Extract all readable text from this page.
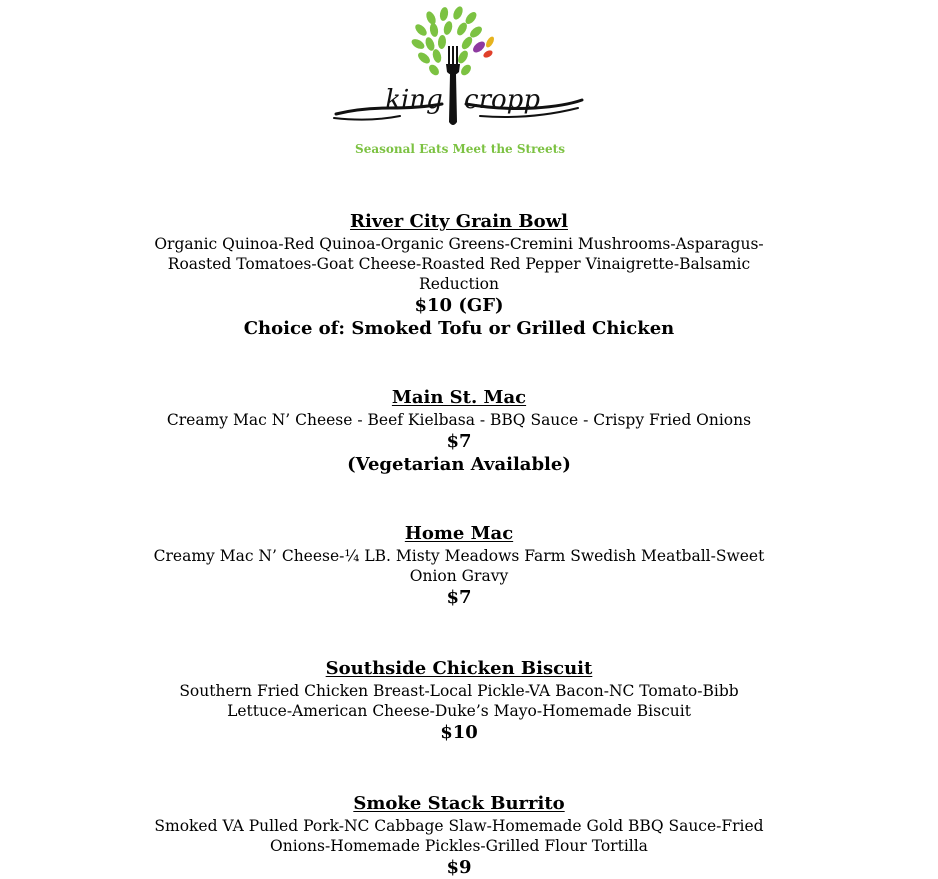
king cropp
Seasonal Eats Meet the Streets
River City Grain Bowl
Organic Quinoa-Red Quinoa-Organic Greens-Cremini Mushrooms-Asparagus-Roasted Tomatoes-Goat Cheese-Roasted Red Pepper Vinaigrette-Balsamic Reduction
$10 (GF)
Choice of: Smoked Tofu or Grilled Chicken
Main St. Mac
Creamy Mac N’ Cheese - Beef Kielbasa - BBQ Sauce - Crispy Fried Onions
$7
(Vegetarian Available)
Home Mac
Creamy Mac N’ Cheese-¼ LB. Misty Meadows Farm Swedish Meatball-Sweet Onion Gravy
$7
Southside Chicken Biscuit
Southern Fried Chicken Breast-Local Pickle-VA Bacon-NC Tomato-Bibb Lettuce-American Cheese-Duke’s Mayo-Homemade Biscuit
$10
Smoke Stack Burrito
Smoked VA Pulled Pork-NC Cabbage Slaw-Homemade Gold BBQ Sauce-Fried Onions-Homemade Pickles-Grilled Flour Tortilla
$9
